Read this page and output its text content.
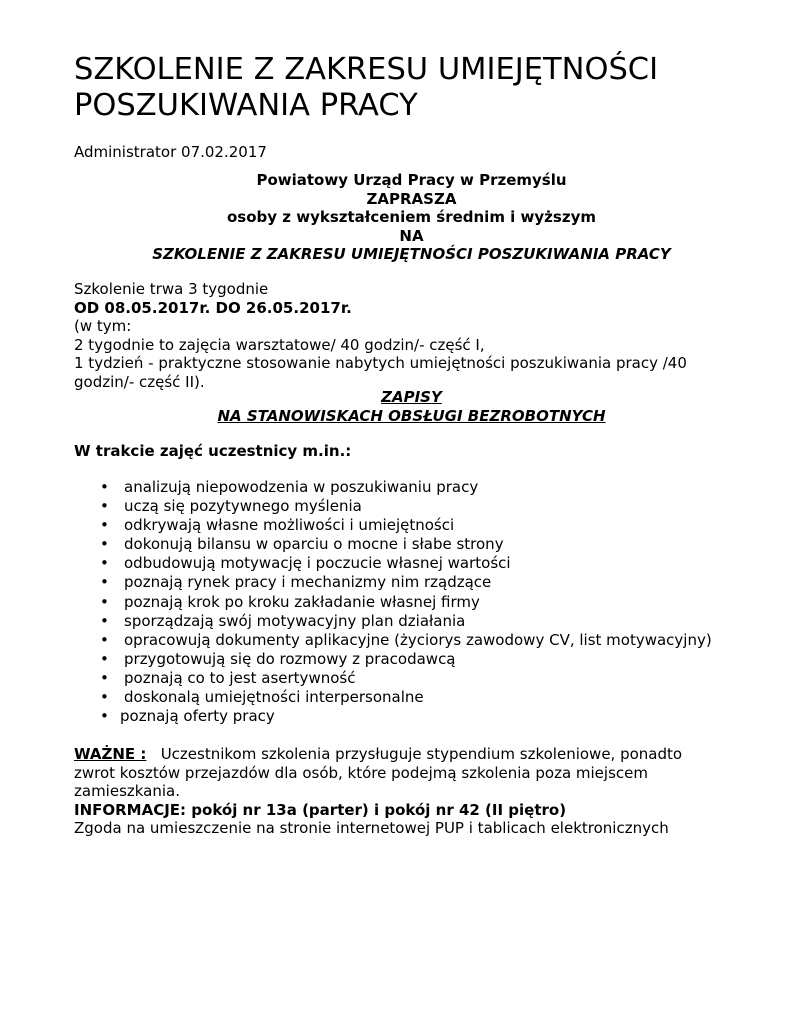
SZKOLENIE Z ZAKRESU UMIEJĘTNOŚCI
POSZUKIWANIA PRACY
Administrator 07.02.2017
Powiatowy Urząd Pracy w Przemyślu
ZAPRASZA
osoby z wykształceniem średnim i wyższym
NA
SZKOLENIE Z ZAKRESU UMIEJĘTNOŚCI POSZUKIWANIA PRACY
Szkolenie trwa 3 tygodnie
OD 08.05.2017r. DO 26.05.2017r.
(w tym:
2 tygodnie to zajęcia warsztatowe/ 40 godzin/- część I,
1 tydzień - praktyczne stosowanie nabytych umiejętności poszukiwania pracy /40
godzin/- część II).
ZAPISY
NA STANOWISKACH OBSŁUGI BEZROBOTNYCH
W trakcie zajęć uczestnicy m.in.:
• analizują niepowodzenia w poszukiwaniu pracy
• uczą się pozytywnego myślenia
• odkrywają własne możliwości i umiejętności
• dokonują bilansu w oparciu o mocne i słabe strony
• odbudowują motywację i poczucie własnej wartości
• poznają rynek pracy i mechanizmy nim rządzące
• poznają krok po kroku zakładanie własnej firmy
• sporządzają swój motywacyjny plan działania
• opracowują dokumenty aplikacyjne (życiorys zawodowy CV, list motywacyjny)
• przygotowują się do rozmowy z pracodawcą
• poznają co to jest asertywność
• doskonalą umiejętności interpersonalne
• poznają oferty pracy
WAŻNE : Uczestnikom szkolenia przysługuje stypendium szkoleniowe, ponadto
zwrot kosztów przejazdów dla osób, które podejmą szkolenia poza miejscem
zamieszkania.
INFORMACJE: pokój nr 13a (parter) i pokój nr 42 (II piętro)
Zgoda na umieszczenie na stronie internetowej PUP i tablicach elektronicznych
